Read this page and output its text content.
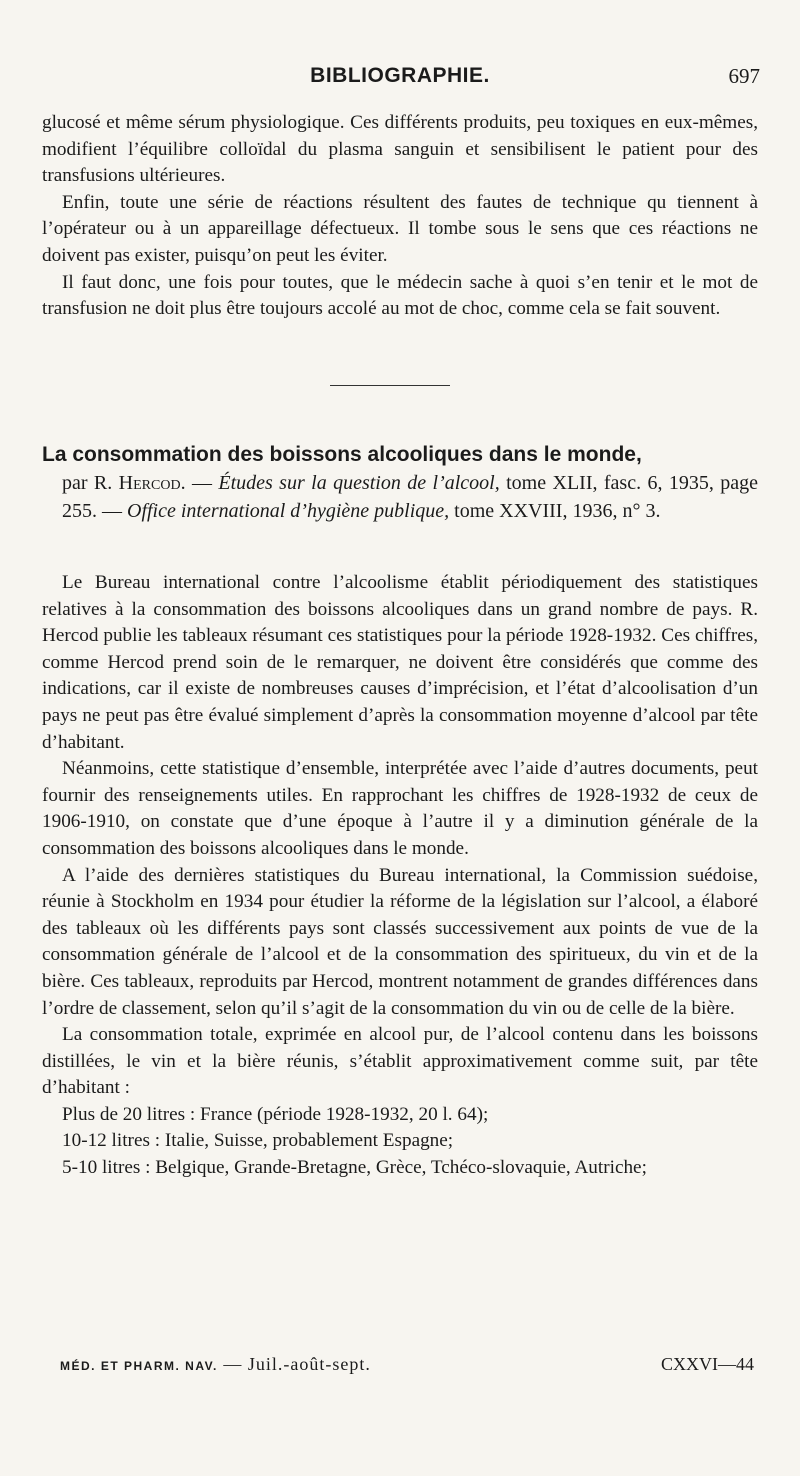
BIBLIOGRAPHIE.	697

glucosé et même sérum physiologique. Ces différents produits, peu toxiques en eux-mêmes, modifient l’équilibre colloïdal du plasma sanguin et sensibilisent le patient pour des transfusions ultérieures.

Enfin, toute une série de réactions résultent des fautes de technique qu tiennent à l’opérateur ou à un appareillage défectueux. Il tombe sous le sens que ces réactions ne doivent pas exister, puisqu’on peut les éviter.

Il faut donc, une fois pour toutes, que le médecin sache à quoi s’en tenir et le mot de transfusion ne doit plus être toujours accolé au mot de choc, comme cela se fait souvent.

La consommation des boissons alcooliques dans le monde,
par R. Hercod. — Études sur la question de l’alcool, tome XLII, fasc. 6, 1935, page 255. — Office international d’hygiène publique, tome XXVIII, 1936, n° 3.

Le Bureau international contre l’alcoolisme établit périodiquement des statistiques relatives à la consommation des boissons alcooliques dans un grand nombre de pays. R. Hercod publie les tableaux résumant ces statistiques pour la période 1928-1932. Ces chiffres, comme Hercod prend soin de le remarquer, ne doivent être considérés que comme des indications, car il existe de nombreuses causes d’imprécision, et l’état d’alcoolisation d’un pays ne peut pas être évalué simplement d’après la consommation moyenne d’alcool par tête d’habitant.

Néanmoins, cette statistique d’ensemble, interprétée avec l’aide d’autres documents, peut fournir des renseignements utiles. En rapprochant les chiffres de 1928-1932 de ceux de 1906-1910, on constate que d’une époque à l’autre il y a diminution générale de la consommation des boissons alcooliques dans le monde.

A l’aide des dernières statistiques du Bureau international, la Commission suédoise, réunie à Stockholm en 1934 pour étudier la réforme de la législation sur l’alcool, a élaboré des tableaux où les différents pays sont classés successivement aux points de vue de la consommation générale de l’alcool et de la consommation des spiritueux, du vin et de la bière. Ces tableaux, reproduits par Hercod, montrent notamment de grandes différences dans l’ordre de classement, selon qu’il s’agit de la consommation du vin ou de celle de la bière.

La consommation totale, exprimée en alcool pur, de l’alcool contenu dans les boissons distillées, le vin et la bière réunis, s’établit approximativement comme suit, par tête d’habitant :

Plus de 20 litres : France (période 1928-1932, 20 l. 64);

10-12 litres : Italie, Suisse, probablement Espagne;

5-10 litres : Belgique, Grande-Bretagne, Grèce, Tchéco-slovaquie, Autriche;

MÉD. ET PHARM. NAV. — Juil.-août-sept.	CXXVI—44
